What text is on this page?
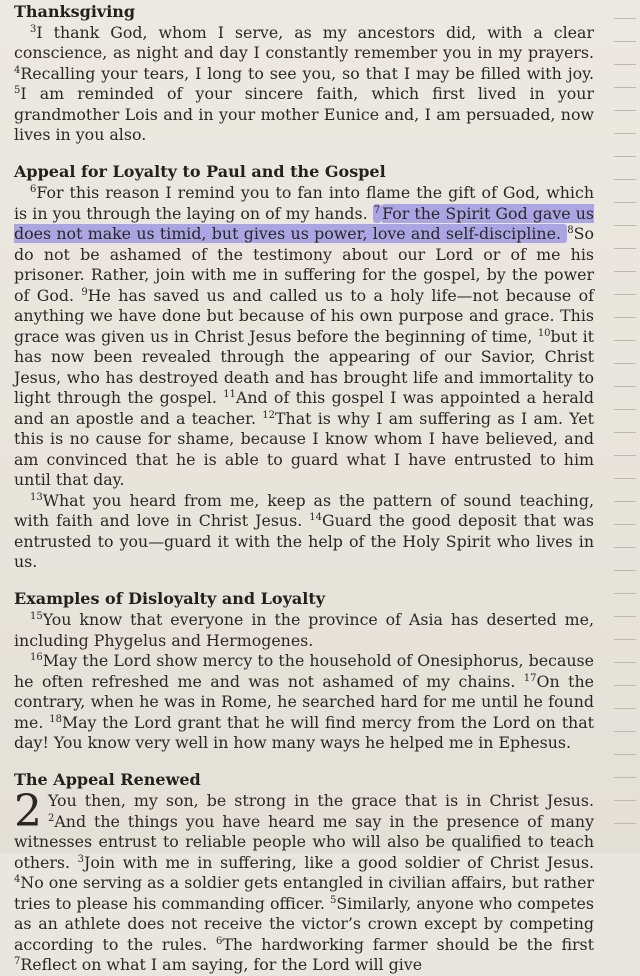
Thanksgiving

$^3$I thank God, whom I serve, as my ancestors did, with a clear conscience, as night and day I constantly remember you in my prayers. $^4$Recalling your tears, I long to see you, so that I may be filled with joy. $^5$I am reminded of your sincere faith, which first lived in your grandmother Lois and in your mother Eunice and, I am persuaded, now lives in you also.

Appeal for Loyalty to Paul and the Gospel

$^6$For this reason I remind you to fan into flame the gift of God, which is in you through the laying on of my hands. $^7$ For the Spirit God gave us does not make us timid, but gives us power, love and self-discipline. $^8$So do not be ashamed of the testimony about our Lord or of me his prisoner. Rather, join with me in suffering for the gospel, by the power of God. $^9$He has saved us and called us to a holy life—not because of anything we have done but because of his own purpose and grace. This grace was given us in Christ Jesus before the beginning of time, $^{10}$but it has now been revealed through the appearing of our Savior, Christ Jesus, who has destroyed death and has brought life and immortality to light through the gospel. $^{11}$And of this gospel I was appointed a herald and an apostle and a teacher. $^{12}$That is why I am suffering as I am. Yet this is no cause for shame, because I know whom I have believed, and am convinced that he is able to guard what I have entrusted to him until that day.

$^{13}$What you heard from me, keep as the pattern of sound teaching, with faith and love in Christ Jesus. $^{14}$Guard the good deposit that was entrusted to you—guard it with the help of the Holy Spirit who lives in us.

Examples of Disloyalty and Loyalty

$^{15}$You know that everyone in the province of Asia has deserted me, including Phygelus and Hermogenes.

$^{16}$May the Lord show mercy to the household of Onesiphorus, because he often refreshed me and was not ashamed of my chains. $^{17}$On the contrary, when he was in Rome, he searched hard for me until he found me. $^{18}$May the Lord grant that he will find mercy from the Lord on that day! You know very well in how many ways he helped me in Ephesus.

The Appeal Renewed

2 You then, my son, be strong in the grace that is in Christ Jesus. $^2$And the things you have heard me say in the presence of many witnesses entrust to reliable people who will also be qualified to teach others. $^3$Join with me in suffering, like a good soldier of Christ Jesus. $^4$No one serving as a soldier gets entangled in civilian affairs, but rather tries to please his commanding officer. $^5$Similarly, anyone who competes as an athlete does not receive the victor’s crown except by competing according to the rules. $^6$The hardworking farmer should be the first $^7$Reflect on what I am saying, for the Lord will give
